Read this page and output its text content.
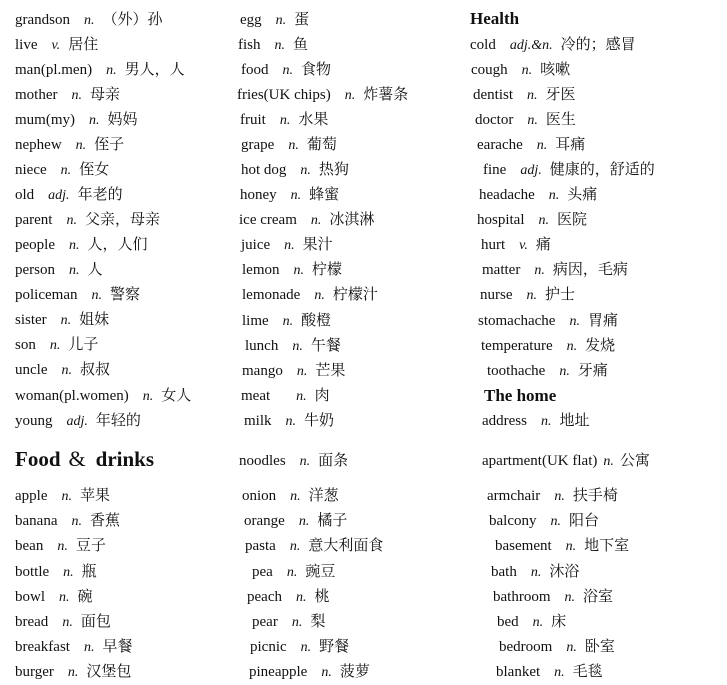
grandson n. （外）孙
live v. 居住
man(pl.men) n. 男人，人
mother n. 母亲
mum(my) n. 妈妈
nephew n. 侄子
niece n. 侄女
old adj. 年老的
parent n. 父亲，母亲
people n. 人，人们
person n. 人
policeman n. 警察
sister n. 姐妹
son n. 儿子
uncle n. 叔叔
woman(pl.women) n. 女人
young adj. 年轻的
egg n. 蛋
fish n. 鱼
food n. 食物
fries(UK chips) n. 炸薯条
fruit n. 水果
grape n. 葡萄
hot dog n. 热狗
honey n. 蜂蜜
ice cream n. 冰淇淋
juice n. 果汁
lemon n. 柠檬
lemonade n. 柠檬汁
lime n. 酸橙
lunch n. 午餐
mango n. 芒果
meat n. 肉
milk n. 牛奶
Health
cold adj.&n. 冷的；感冒
cough n. 咳嗽
dentist n. 牙医
doctor n. 医生
earache n. 耳痛
fine adj. 健康的，舒适的
headache n. 头痛
hospital n. 医院
hurt v. 痛
matter n. 病因，毛病
nurse n. 护士
stomachache n. 胃痛
temperature n. 发烧
toothache n. 牙痛
The home
address n. 地址
Food & drinks	noodles n. 面条	apartment(UK flat) n. 公寓
apple n. 苹果
banana n. 香蕉
bean n. 豆子
bottle n. 瓶
bowl n. 碗
bread n. 面包
breakfast n. 早餐
burger n. 汉堡包
onion n. 洋葱
orange n. 橘子
pasta n. 意大利面食
pea n. 豌豆
peach n. 桃
pear n. 梨
picnic n. 野餐
pineapple n. 菠萝
armchair n. 扶手椅
balcony n. 阳台
basement n. 地下室
bath n. 沐浴
bathroom n. 浴室
bed n. 床
bedroom n. 卧室
blanket n. 毛毯
